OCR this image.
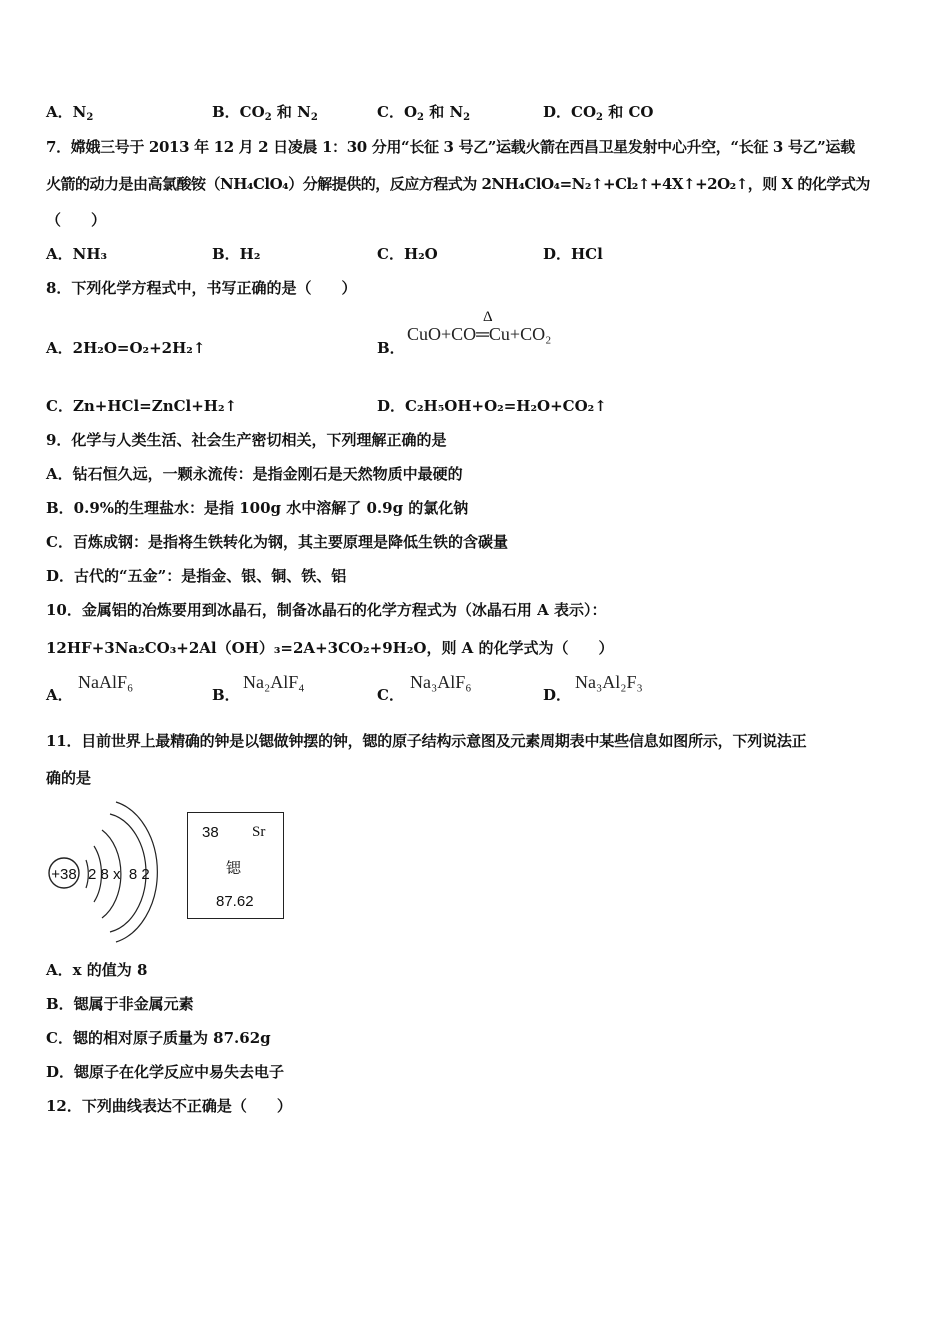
A．$N_2$	B．$CO_2$ 和 $N_2$	C．$O_2$ 和 $N_2$	D．$CO_2$ 和 CO
7．嫦娥三号于 2013 年 12 月 2 日凌晨 1：30 分用“长征 3 号乙”运载火箭在西昌卫星发射中心升空，“长征 3 号乙”运载
火箭的动力是由高氯酸铵（NH₄ClO₄）分解提供的，反应方程式为 2NH₄ClO₄=N₂↑+Cl₂↑+4X↑+2O₂↑，则 X 的化学式为
（　　）
A．NH₃	B．H₂	C．H₂O	D．HCl
8．下列化学方程式中，书写正确的是（　　）
A．2H₂O=O₂+2H₂↑	B．
Δ
CuO+CO═Cu+CO₂
C．Zn+HCl=ZnCl+H₂↑	D．C₂H₅OH+O₂=H₂O+CO₂↑
9．化学与人类生活、社会生产密切相关，下列理解正确的是
A．钻石恒久远，一颗永流传：是指金刚石是天然物质中最硬的
B．0.9%的生理盐水：是指 100g 水中溶解了 0.9g 的氯化钠
C．百炼成钢：是指将生铁转化为钢，其主要原理是降低生铁的含碳量
D．古代的“五金”：是指金、银、铜、铁、铝
10．金属铝的冶炼要用到冰晶石，制备冰晶石的化学方程式为（冰晶石用 A 表示）：
12HF+3Na₂CO₃+2Al（OH）₃=2A+3CO₂+9H₂O，则 A 的化学式为（　　）
A．
NaAlF₆
B．
Na₂AlF₄
C．
Na₃AlF₆
D．
Na₃Al₂F₃
11．目前世界上最精确的钟是以锶做钟摆的钟，锶的原子结构示意图及元素周期表中某些信息如图所示，下列说法正
确的是
+38 2 8 x  8 2
38 Sr
锶
87.62
A．x 的值为 8
B．锶属于非金属元素
C．锶的相对原子质量为 87.62g
D．锶原子在化学反应中易失去电子
12．下列曲线表达不正确是（　　）
